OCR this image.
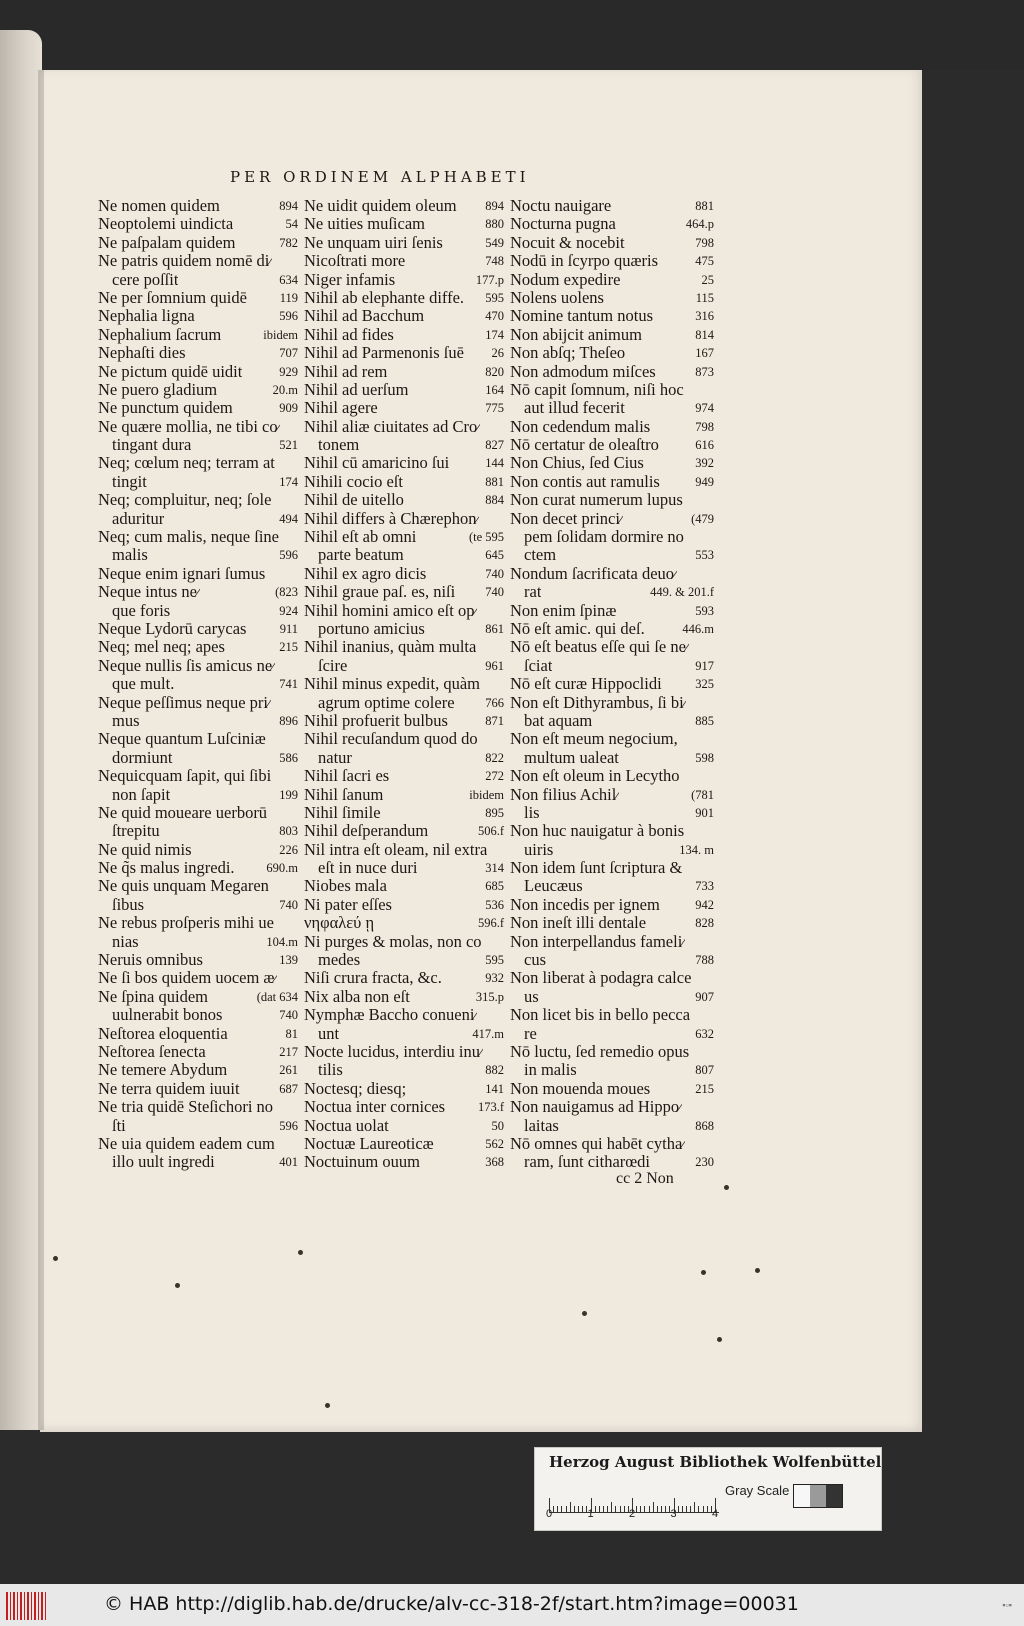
PER ORDINEM ALPHABETI
Ne nomen quidem	894
Neoptolemi uindicta	54
Ne paſpalam quidem	782
Ne patris quidem nomē di⁄
cere poſſit	634
Ne per ſomnium quidē	119
Nephalia ligna	596
Nephalium ſacrum	ibidem
Nephaſti dies	707
Ne pictum quidē uidit	929
Ne puero gladium	20.m
Ne punctum quidem	909
Ne quære mollia, ne tibi co⁄
tingant dura	521
Neq; cœlum neq; terram at
tingit	174
Neq; compluitur, neq; ſole
aduritur	494
Neq; cum malis, neque ſine
malis	596
Neque enim ignari ſumus
Neque intus ne⁄	(823
que foris	924
Neque Lydorū carycas	911
Neq; mel neq; apes	215
Neque nullis ſis amicus ne⁄
que mult.	741
Neque peſſimus neque pri⁄
mus	896
Neque quantum Luſciniæ
dormiunt	586
Nequicquam ſapit, qui ſibi
non ſapit	199
Ne quid moueare uerborū
ſtrepitu	803
Ne quid nimis	226
Ne q̃s malus ingredi.	690.m
Ne quis unquam Megaren
ſibus	740
Ne rebus proſperis mihi ue
nias	104.m
Neruis omnibus	139
Ne ſi bos quidem uocem æ⁄
Ne ſpina quidem	(dat 634
uulnerabit bonos	740
Neſtorea eloquentia	81
Neſtorea ſenecta	217
Ne temere Abydum	261
Ne terra quidem iuuit	687
Ne tria quidē Steſichori no
ſti	596
Ne uia quidem eadem cum
illo uult ingredi	401
Ne uidit quidem oleum 894
Ne uities muſicam	880
Ne unquam uiri ſenis	549
Nicoſtrati more	748
Niger infamis	177.p
Nihil ab elephante diffe. 595
Nihil ad Bacchum	470
Nihil ad fides	174
Nihil ad Parmenonis ſuē 26
Nihil ad rem	820
Nihil ad uerſum	164
Nihil agere	775
Nihil aliæ ciuitates ad Cro⁄
tonem	827
Nihil cū amaricino ſui	144
Nihili cocio eſt	881
Nihil de uitello	884
Nihil differs à Chærephon⁄
Nihil eſt ab omni	(te 595
parte beatum	645
Nihil ex agro dicis	740
Nihil graue paſ. es, niſi 740
Nihil homini amico eſt op⁄
portuno amicius	861
Nihil inanius, quàm multa
ſcire	961
Nihil minus expedit, quàm
agrum optime colere 766
Nihil profuerit bulbus	871
Nihil recuſandum quod do
natur	822
Nihil ſacri es	272
Nihil ſanum	ibidem
Nihil ſimile	895
Nihil deſperandum	506.f
Nil intra eſt oleam, nil extra
eſt in nuce duri	314
Niobes mala	685
Ni pater eſſes	536
νηφαλεύ ῃ	596.f
Ni purges & molas, non co
medes	595
Niſi crura fracta, &c.	932
Nix alba non eſt	315.p
Nymphæ Baccho conueni⁄
unt	417.m
Nocte lucidus, interdiu inu⁄
tilis	882
Noctesq; diesq;	141
Noctua inter cornices	173.f
Noctua uolat	50
Noctuæ Laureoticæ	562
Noctuinum ouum	368
Noctu nauigare	881
Nocturna pugna	464.p
Nocuit & nocebit	798
Nodū in ſcyrpo quæris	475
Nodum expedire	25
Nolens uolens	115
Nomine tantum notus	316
Non abijcit animum	814
Non abſq; Theſeo	167
Non admodum miſces	873
Nō capit ſomnum, niſi hoc
aut illud fecerit	974
Non cedendum malis	798
Nō certatur de oleaſtro	616
Non Chius, ſed Cius	392
Non contis aut ramulis	949
Non curat numerum lupus
Non decet princi⁄	(479
pem ſolidam dormire no
ctem	553
Nondum ſacrificata deuo⁄
rat	449. & 201.f
Non enim ſpinæ	593
Nō eſt amic. qui deſ.	446.m
Nō eſt beatus eſſe qui ſe ne⁄
ſciat	917
Nō eſt curæ Hippoclidi	325
Non eſt Dithyrambus, ſi bi⁄
bat aquam	885
Non eſt meum negocium,
multum ualeat	598
Non eſt oleum in Lecytho
Non filius Achil⁄	(781
lis	901
Non huc nauigatur à bonis
uiris	134. m
Non idem ſunt ſcriptura &
Leucæus	733
Non incedis per ignem	942
Non ineſt illi dentale	828
Non interpellandus fameli⁄
cus	788
Non liberat à podagra calce
us	907
Non licet bis in bello pecca
re	632
Nō luctu, ſed remedio opus
in malis	807
Non mouenda moues	215
Non nauigamus ad Hippo⁄
laitas	868
Nō omnes qui habēt cytha⁄
ram, ſunt citharœdi	230
cc 2 Non
Herzog August Bibliothek Wolfenbüttel
0	1	2	3	4
Gray Scale
© HAB http://diglib.hab.de/drucke/alv-cc-318-2f/start.htm?image=00031	▪▫▪
